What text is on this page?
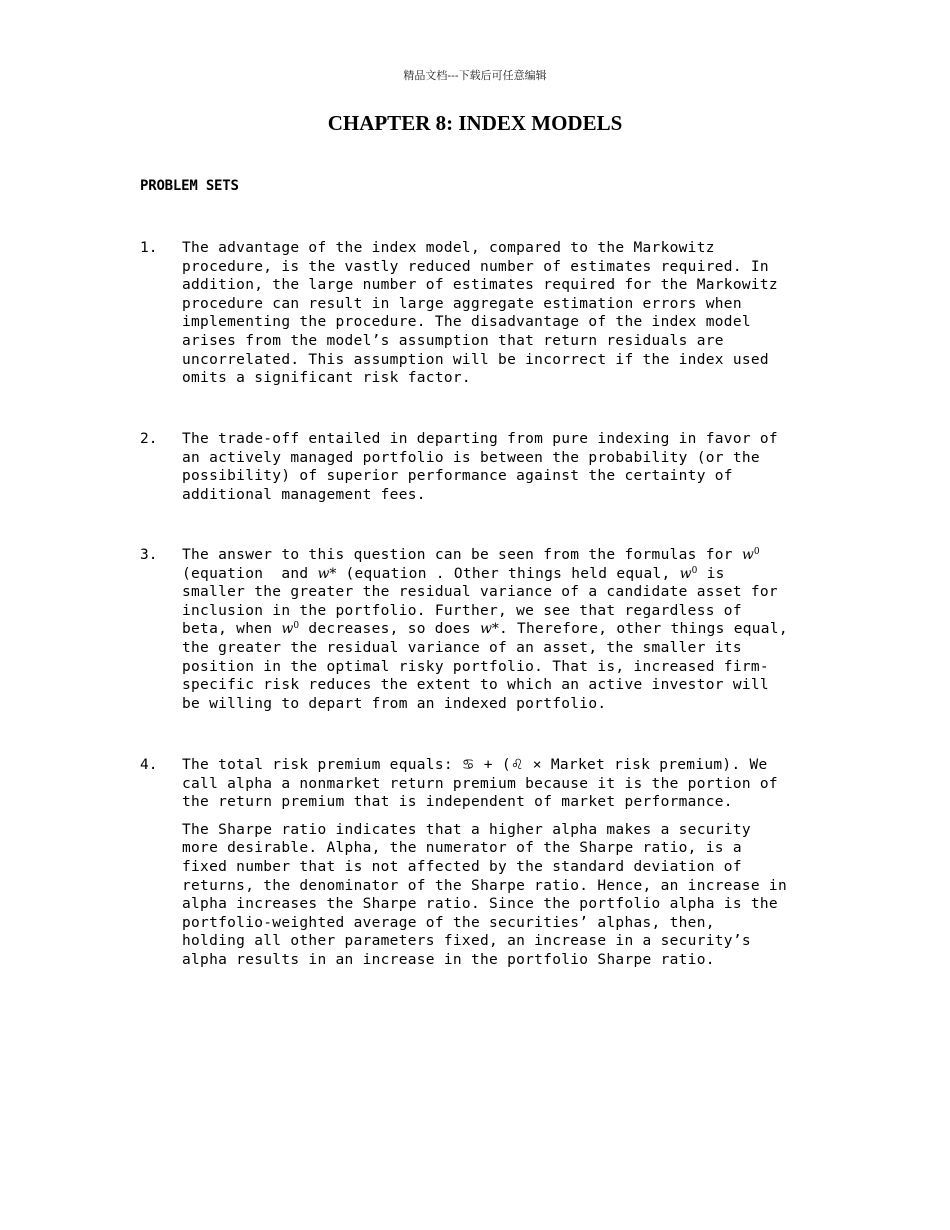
精品文档---下载后可任意编辑
CHAPTER 8: INDEX MODELS
PROBLEM SETS
1. The advantage of the index model, compared to the Markowitz
procedure, is the vastly reduced number of estimates required. In
addition, the large number of estimates required for the Markowitz
procedure can result in large aggregate estimation errors when
implementing the procedure. The disadvantage of the index model
arises from the model’s assumption that return residuals are
uncorrelated. This assumption will be incorrect if the index used
omits a significant risk factor.
2. The trade-off entailed in departing from pure indexing in favor of
an actively managed portfolio is between the probability (or the
possibility) of superior performance against the certainty of
additional management fees.
3. The answer to this question can be seen from the formulas for $w^0$
(equation  and w* (equation . Other things held equal, $w^0$ is
smaller the greater the residual variance of a candidate asset for
inclusion in the portfolio. Further, we see that regardless of
beta, when $w^0$ decreases, so does w*. Therefore, other things equal,
the greater the residual variance of an asset, the smaller its
position in the optimal risky portfolio. That is, increased firm-
specific risk reduces the extent to which an active investor will
be willing to depart from an indexed portfolio.
4. The total risk premium equals: ♋ + (♌ × Market risk premium). We
call alpha a nonmarket return premium because it is the portion of
the return premium that is independent of market performance.
The Sharpe ratio indicates that a higher alpha makes a security
more desirable. Alpha, the numerator of the Sharpe ratio, is a
fixed number that is not affected by the standard deviation of
returns, the denominator of the Sharpe ratio. Hence, an increase in
alpha increases the Sharpe ratio. Since the portfolio alpha is the
portfolio-weighted average of the securities’ alphas, then,
holding all other parameters fixed, an increase in a security’s
alpha results in an increase in the portfolio Sharpe ratio.
